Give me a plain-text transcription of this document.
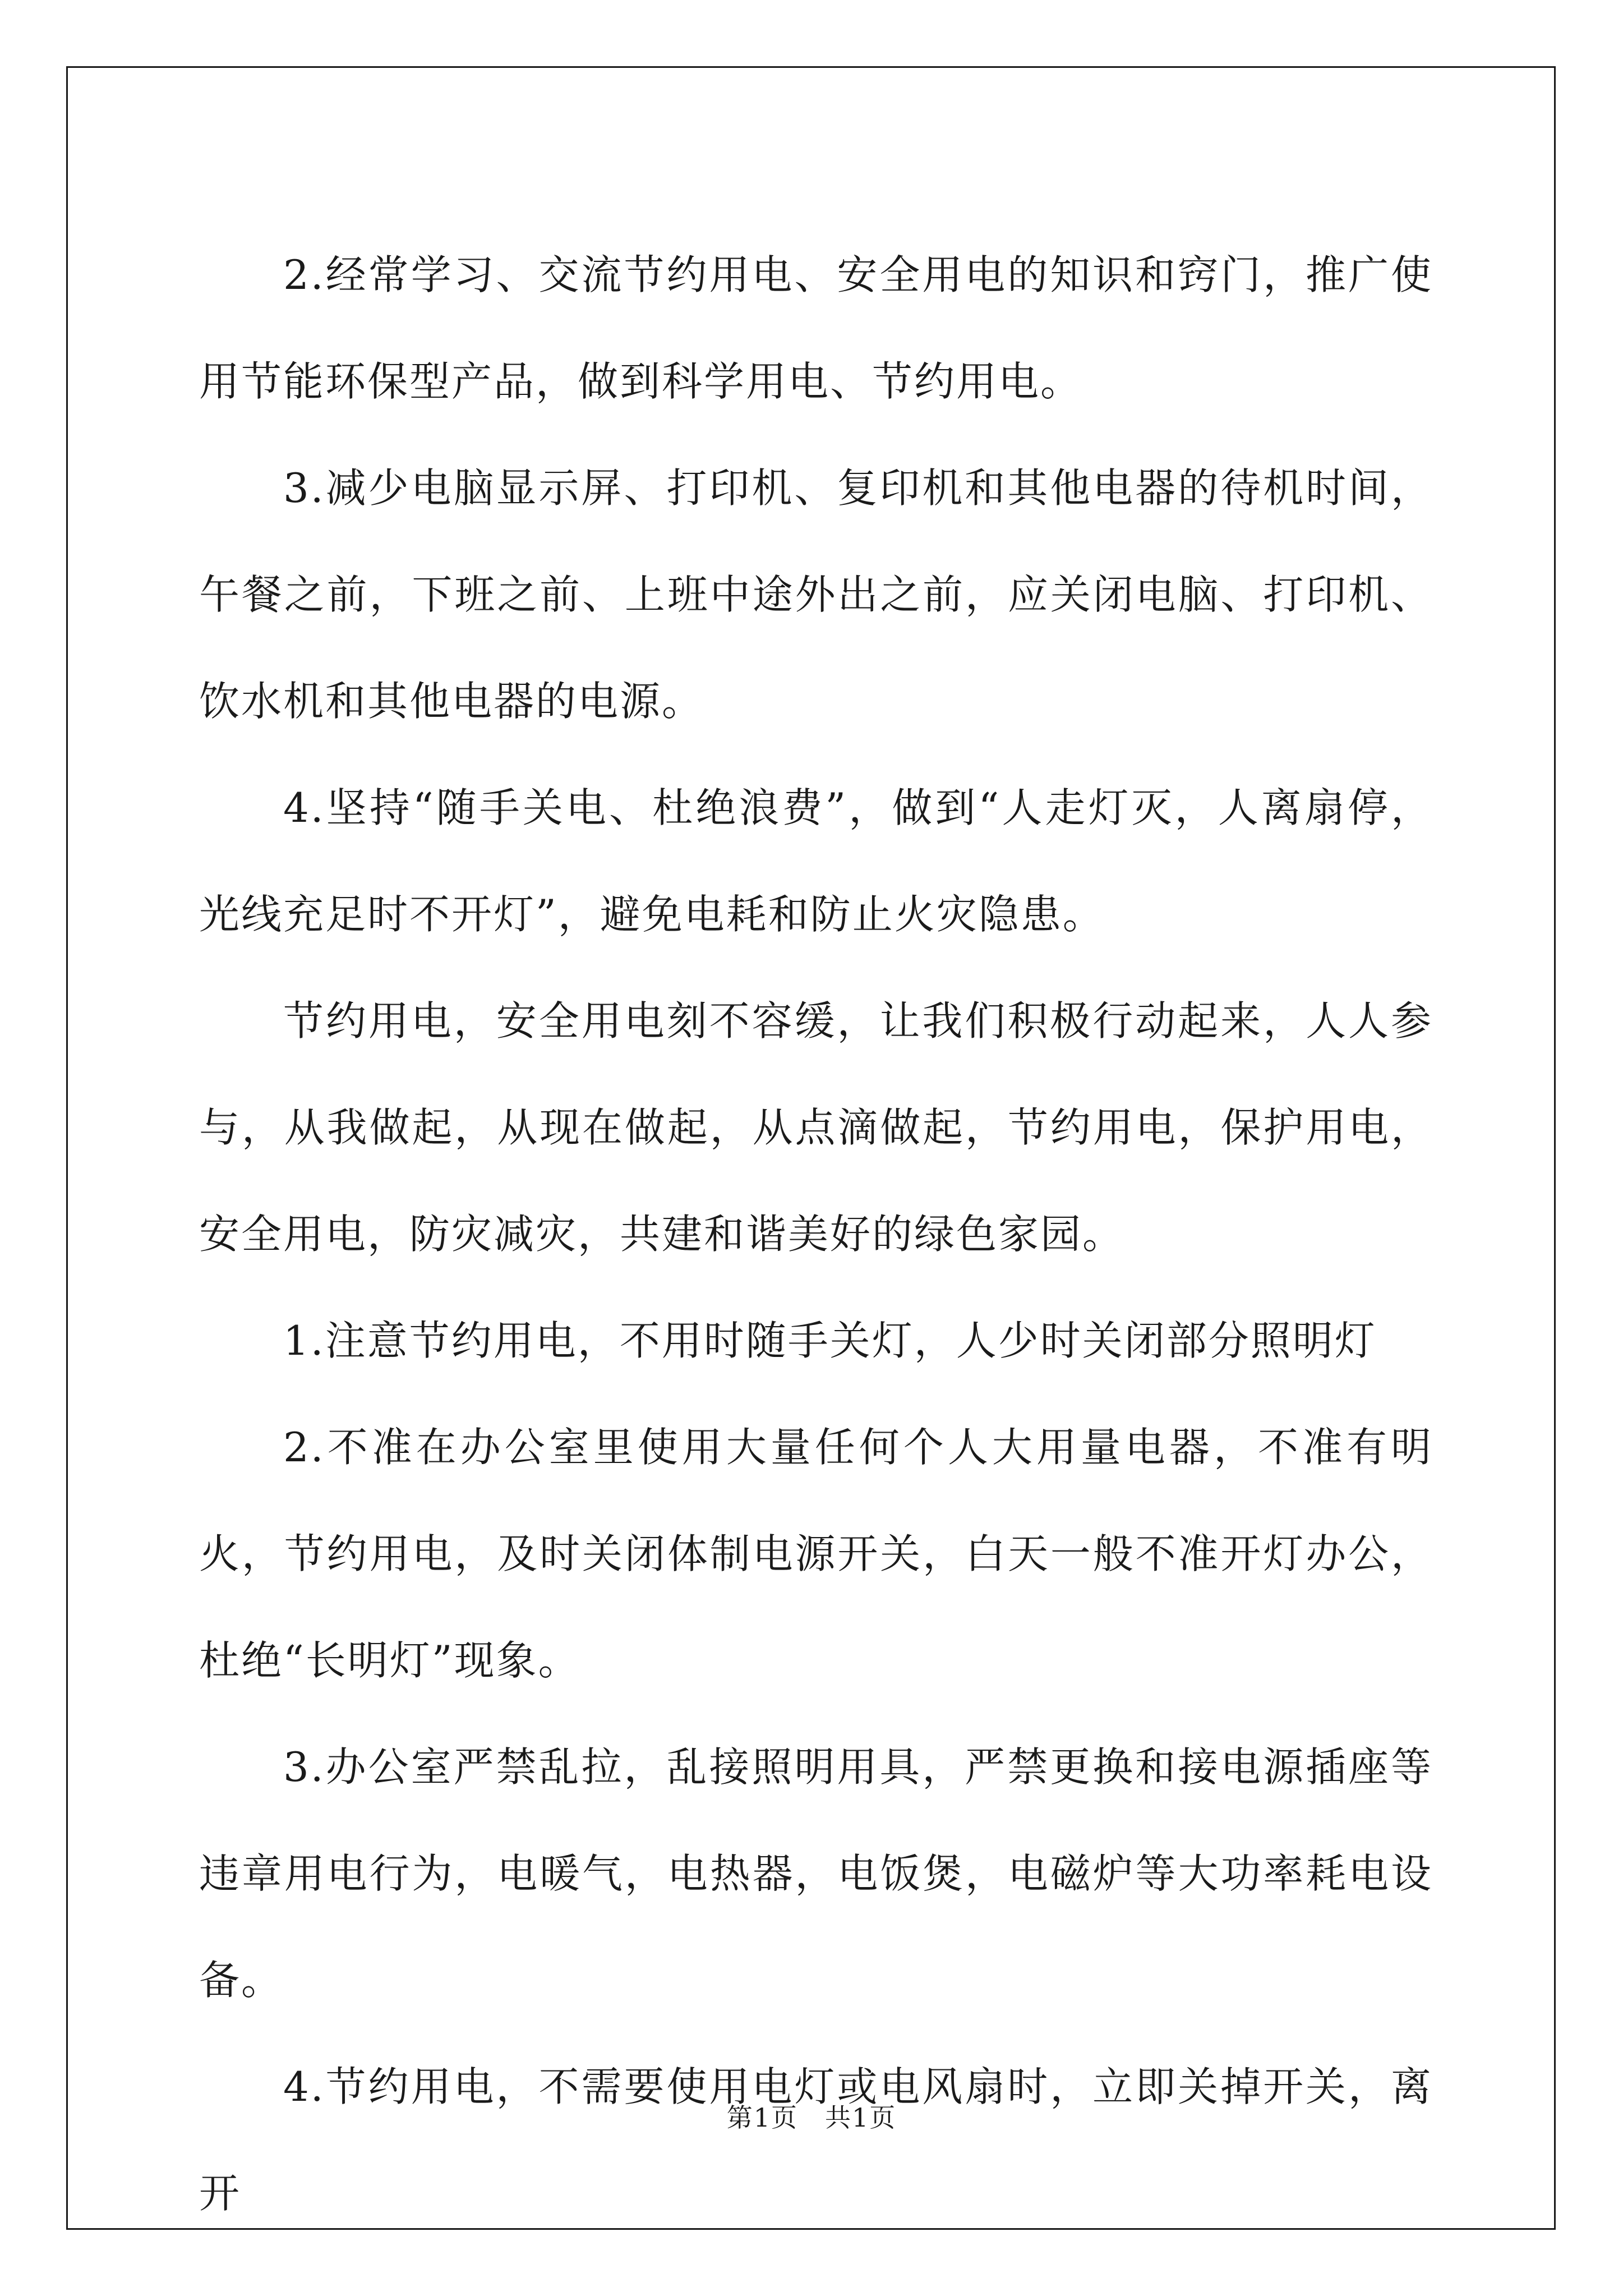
2.经常学习、交流节约用电、安全用电的知识和窍门，推广使用节能环保型产品，做到科学用电、节约用电。

3.减少电脑显示屏、打印机、复印机和其他电器的待机时间，午餐之前，下班之前、上班中途外出之前，应关闭电脑、打印机、饮水机和其他电器的电源。

4.坚持“随手关电、杜绝浪费”，做到“人走灯灭，人离扇停，光线充足时不开灯”，避免电耗和防止火灾隐患。

节约用电，安全用电刻不容缓，让我们积极行动起来，人人参与，从我做起，从现在做起，从点滴做起，节约用电，保护用电，安全用电，防灾减灾，共建和谐美好的绿色家园。

1.注意节约用电，不用时随手关灯，人少时关闭部分照明灯

2.不准在办公室里使用大量任何个人大用量电器，不准有明火，节约用电，及时关闭体制电源开关，白天一般不准开灯办公，杜绝“长明灯”现象。

3.办公室严禁乱拉，乱接照明用具，严禁更换和接电源插座等违章用电行为，电暖气，电热器，电饭煲，电磁炉等大功率耗电设备。

4.节约用电，不需要使用电灯或电风扇时，立即关掉开关，离开

第1页　共1页
